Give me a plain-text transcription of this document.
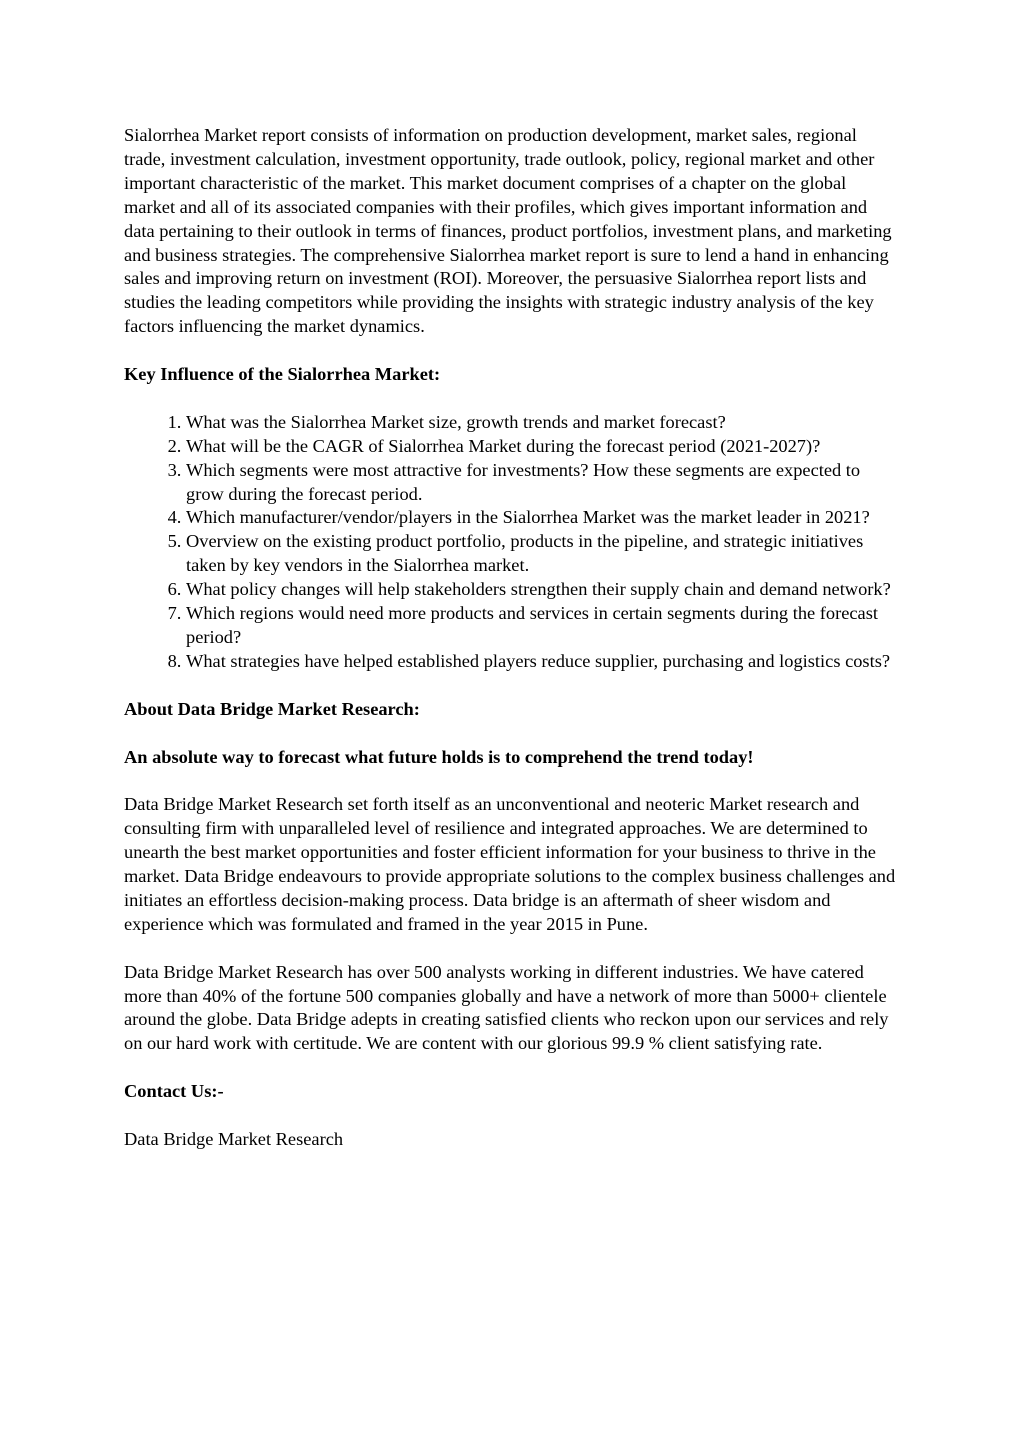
Sialorrhea Market report consists of information on production development, market sales, regional trade, investment calculation, investment opportunity, trade outlook, policy, regional market and other important characteristic of the market. This market document comprises of a chapter on the global market and all of its associated companies with their profiles, which gives important information and data pertaining to their outlook in terms of finances, product portfolios, investment plans, and marketing and business strategies. The comprehensive Sialorrhea market report is sure to lend a hand in enhancing sales and improving return on investment (ROI). Moreover, the persuasive Sialorrhea report lists and studies the leading competitors while providing the insights with strategic industry analysis of the key factors influencing the market dynamics.

Key Influence of the Sialorrhea Market:

1. What was the Sialorrhea Market size, growth trends and market forecast?
2. What will be the CAGR of Sialorrhea Market during the forecast period (2021-2027)?
3. Which segments were most attractive for investments? How these segments are expected to grow during the forecast period.
4. Which manufacturer/vendor/players in the Sialorrhea Market was the market leader in 2021?
5. Overview on the existing product portfolio, products in the pipeline, and strategic initiatives taken by key vendors in the Sialorrhea market.
6. What policy changes will help stakeholders strengthen their supply chain and demand network?
7. Which regions would need more products and services in certain segments during the forecast period?
8. What strategies have helped established players reduce supplier, purchasing and logistics costs?

About Data Bridge Market Research:

An absolute way to forecast what future holds is to comprehend the trend today!

Data Bridge Market Research set forth itself as an unconventional and neoteric Market research and consulting firm with unparalleled level of resilience and integrated approaches. We are determined to unearth the best market opportunities and foster efficient information for your business to thrive in the market. Data Bridge endeavours to provide appropriate solutions to the complex business challenges and initiates an effortless decision-making process. Data bridge is an aftermath of sheer wisdom and experience which was formulated and framed in the year 2015 in Pune.

Data Bridge Market Research has over 500 analysts working in different industries. We have catered more than 40% of the fortune 500 companies globally and have a network of more than 5000+ clientele around the globe. Data Bridge adepts in creating satisfied clients who reckon upon our services and rely on our hard work with certitude. We are content with our glorious 99.9 % client satisfying rate.

Contact Us:-

Data Bridge Market Research
